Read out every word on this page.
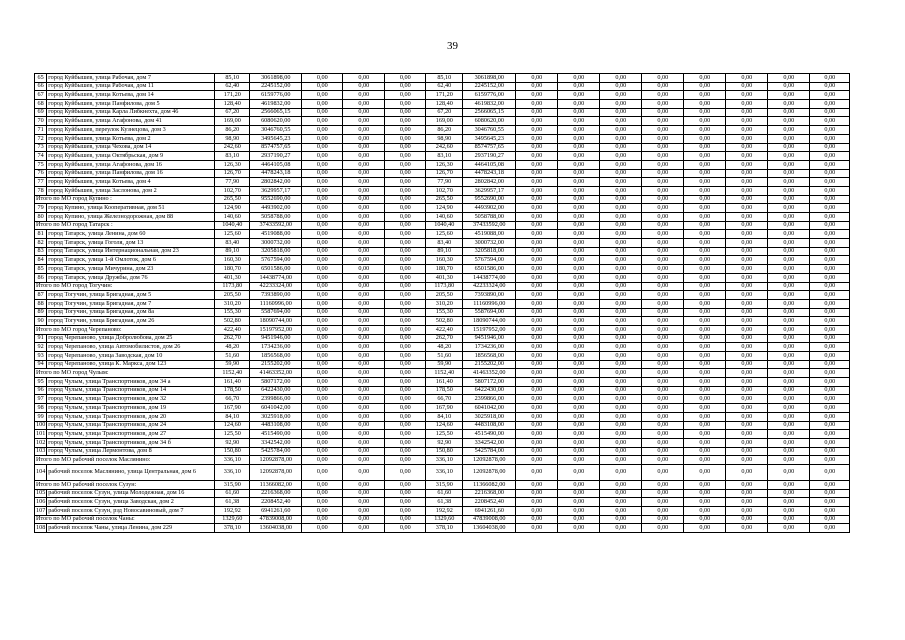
39
65	город Куйбышев, улица Рабочая, дом 7	85,10	3061898,00	0,00	0,00	0,00	85,10	3061898,00	0,00	0,00	0,00	0,00	0,00	0,00	0,00	0,00
66	город Куйбышев, улица Рабочая, дом 11	62,40	2245152,00	0,00	0,00	0,00	62,40	2245152,00	0,00	0,00	0,00	0,00	0,00	0,00	0,00	0,00
67	город Куйбышев, улица Котьева, дом 14	171,20	6159776,00	0,00	0,00	0,00	171,20	6159776,00	0,00	0,00	0,00	0,00	0,00	0,00	0,00	0,00
68	город Куйбышев, улица Панфилова, дом 5	128,40	4619832,00	0,00	0,00	0,00	128,40	4619832,00	0,00	0,00	0,00	0,00	0,00	0,00	0,00	0,00
69	город Куйбышев, улица Карла Либкнехта, дом 46	67,20	2566065,15	0,00	0,00	0,00	67,20	2566065,15	0,00	0,00	0,00	0,00	0,00	0,00	0,00	0,00
70	город Куйбышев, улица Агафонова, дом 41	169,00	6080620,00	0,00	0,00	0,00	169,00	6080620,00	0,00	0,00	0,00	0,00	0,00	0,00	0,00	0,00
71	город Куйбышев, переулок Кузнецова, дом 3	86,20	3046760,55	0,00	0,00	0,00	86,20	3046760,55	0,00	0,00	0,00	0,00	0,00	0,00	0,00	0,00
72	город Куйбышев, улица Котьева, дом 2	98,90	3495645,23	0,00	0,00	0,00	98,90	3495645,23	0,00	0,00	0,00	0,00	0,00	0,00	0,00	0,00
73	город Куйбышев, улица Чехова, дом 14	242,60	8574757,65	0,00	0,00	0,00	242,60	8574757,65	0,00	0,00	0,00	0,00	0,00	0,00	0,00	0,00
74	город Куйбышев, улица Октябрьская, дом 9	83,10	2937190,27	0,00	0,00	0,00	83,10	2937190,27	0,00	0,00	0,00	0,00	0,00	0,00	0,00	0,00
75	город Куйбышев, улица Агафонова, дом 16	126,30	4464105,08	0,00	0,00	0,00	126,30	4464105,08	0,00	0,00	0,00	0,00	0,00	0,00	0,00	0,00
76	город Куйбышев, улица Панфилова, дом 16	126,70	4478243,18	0,00	0,00	0,00	126,70	4478243,18	0,00	0,00	0,00	0,00	0,00	0,00	0,00	0,00
77	город Куйбышев, улица Котьева, дом 4	77,90	2802842,00	0,00	0,00	0,00	77,90	2802842,00	0,00	0,00	0,00	0,00	0,00	0,00	0,00	0,00
78	город Куйбышев, улица Заслонова, дом 2	102,70	3629957,17	0,00	0,00	0,00	102,70	3629957,17	0,00	0,00	0,00	0,00	0,00	0,00	0,00	0,00
Итого по МО город Купино :		265,50	9552690,00	0,00	0,00	0,00	265,50	9552690,00	0,00	0,00	0,00	0,00	0,00	0,00	0,00	0,00
79	город Купино, улица Кооперативная, дом 51	124,90	4493902,00	0,00	0,00	0,00	124,90	4493902,00	0,00	0,00	0,00	0,00	0,00	0,00	0,00	0,00
80	город Купино, улица Железнодорожная, дом 88	140,60	5058788,00	0,00	0,00	0,00	140,60	5058788,00	0,00	0,00	0,00	0,00	0,00	0,00	0,00	0,00
Итого по МО город Татарск :		1040,40	37433592,00	0,00	0,00	0,00	1040,40	37433592,00	0,00	0,00	0,00	0,00	0,00	0,00	0,00	0,00
81	город Татарск, улица Ленина, дом 60	125,60	4519088,00	0,00	0,00	0,00	125,60	4519088,00	0,00	0,00	0,00	0,00	0,00	0,00	0,00	0,00
82	город Татарск, улица Гоголя, дом 13	83,40	3000732,00	0,00	0,00	0,00	83,40	3000732,00	0,00	0,00	0,00	0,00	0,00	0,00	0,00	0,00
83	город Татарск, улица Интернациональная, дом 23	89,10	3205818,00	0,00	0,00	0,00	89,10	3205818,00	0,00	0,00	0,00	0,00	0,00	0,00	0,00	0,00
84	город Татарск, улица 1-й Омлоток, дом 6	160,30	5767594,00	0,00	0,00	0,00	160,30	5767594,00	0,00	0,00	0,00	0,00	0,00	0,00	0,00	0,00
85	город Татарск, улица Мичурина, дом 23	180,70	6501586,00	0,00	0,00	0,00	180,70	6501586,00	0,00	0,00	0,00	0,00	0,00	0,00	0,00	0,00
86	город Татарск, улица Дружбы, дом 76	401,30	14438774,00	0,00	0,00	0,00	401,30	14438774,00	0,00	0,00	0,00	0,00	0,00	0,00	0,00	0,00
Итого по МО город Тогучин:		1173,80	42233324,00	0,00	0,00	0,00	1173,80	42233324,00	0,00	0,00	0,00	0,00	0,00	0,00	0,00	0,00
87	город Тогучин, улица Бригадная, дом 5	205,50	7393890,00	0,00	0,00	0,00	205,50	7393890,00	0,00	0,00	0,00	0,00	0,00	0,00	0,00	0,00
88	город Тогучин, улица Бригадная, дом 7	310,20	11160996,00	0,00	0,00	0,00	310,20	11160996,00	0,00	0,00	0,00	0,00	0,00	0,00	0,00	0,00
89	город Тогучин, улица Бригадная, дом 8а	155,30	5587694,00	0,00	0,00	0,00	155,30	5587694,00	0,00	0,00	0,00	0,00	0,00	0,00	0,00	0,00
90	город Тогучин, улица Бригадная, дом 26	502,80	18090744,00	0,00	0,00	0,00	502,80	18090744,00	0,00	0,00	0,00	0,00	0,00	0,00	0,00	0,00
Итого по МО город Черепаново:		422,40	15197952,00	0,00	0,00	0,00	422,40	15197952,00	0,00	0,00	0,00	0,00	0,00	0,00	0,00	0,00
91	город Черепаново, улица Добролюбова, дом 25	262,70	9451946,00	0,00	0,00	0,00	262,70	9451946,00	0,00	0,00	0,00	0,00	0,00	0,00	0,00	0,00
92	город Черепаново, улица Автомобилистов, дом 26	48,20	1734236,00	0,00	0,00	0,00	48,20	1734236,00	0,00	0,00	0,00	0,00	0,00	0,00	0,00	0,00
93	город Черепаново, улица Заводская, дом 10	51,60	1856568,00	0,00	0,00	0,00	51,60	1856568,00	0,00	0,00	0,00	0,00	0,00	0,00	0,00	0,00
94	город Черепаново, улица К. Маркса, дом 123	59,90	2155202,00	0,00	0,00	0,00	59,90	2155202,00	0,00	0,00	0,00	0,00	0,00	0,00	0,00	0,00
Итого по МО город Чулым:		1152,40	41463352,00	0,00	0,00	0,00	1152,40	41463352,00	0,00	0,00	0,00	0,00	0,00	0,00	0,00	0,00
95	город Чулым, улица Транспортников, дом 34 а	161,40	5807172,00	0,00	0,00	0,00	161,40	5807172,00	0,00	0,00	0,00	0,00	0,00	0,00	0,00	0,00
96	город Чулым, улица Транспортников, дом 14	178,50	6422430,00	0,00	0,00	0,00	178,50	6422430,00	0,00	0,00	0,00	0,00	0,00	0,00	0,00	0,00
97	город Чулым, улица Транспортников, дом 32	66,70	2399866,00	0,00	0,00	0,00	66,70	2399866,00	0,00	0,00	0,00	0,00	0,00	0,00	0,00	0,00
98	город Чулым, улица Транспортников, дом 19	167,90	6041042,00	0,00	0,00	0,00	167,90	6041042,00	0,00	0,00	0,00	0,00	0,00	0,00	0,00	0,00
99	город Чулым, улица Транспортников, дом 20	84,10	3025918,00	0,00	0,00	0,00	84,10	3025918,00	0,00	0,00	0,00	0,00	0,00	0,00	0,00	0,00
100	город Чулым, улица Транспортников, дом 24	124,60	4483108,00	0,00	0,00	0,00	124,60	4483108,00	0,00	0,00	0,00	0,00	0,00	0,00	0,00	0,00
101	город Чулым, улица Транспортников, дом 27	125,50	4515490,00	0,00	0,00	0,00	125,50	4515490,00	0,00	0,00	0,00	0,00	0,00	0,00	0,00	0,00
102	город Чулым, улица Транспортников, дом 34 б	92,90	3342542,00	0,00	0,00	0,00	92,90	3342542,00	0,00	0,00	0,00	0,00	0,00	0,00	0,00	0,00
103	город Чулым, улица Лермонтова, дом 8	150,80	5425784,00	0,00	0,00	0,00	150,80	5425784,00	0,00	0,00	0,00	0,00	0,00	0,00	0,00	0,00
Итого по МО рабочий поселок Маслянино:		336,10	12092878,00	0,00	0,00	0,00	336,10	12092878,00	0,00	0,00	0,00	0,00	0,00	0,00	0,00	0,00
104	рабочий поселок Маслянино, улица Центральная, дом 6	336,10	12092878,00	0,00	0,00	0,00	336,10	12092878,00	0,00	0,00	0,00	0,00	0,00	0,00	0,00	0,00
Итого по МО рабочий поселок Сузун:		315,90	11366082,00	0,00	0,00	0,00	315,90	11366082,00	0,00	0,00	0,00	0,00	0,00	0,00	0,00	0,00
105	рабочий поселок Сузун, улица Молодежная, дом 16	61,60	2216368,00	0,00	0,00	0,00	61,60	2216368,00	0,00	0,00	0,00	0,00	0,00	0,00	0,00	0,00
106	рабочий поселок Сузун, улица Заводская, дом 2	61,38	2208452,40	0,00	0,00	0,00	61,38	2208452,40	0,00	0,00	0,00	0,00	0,00	0,00	0,00	0,00
107	рабочий поселок Сузун, рзд Новосавиновый, дом 7	192,92	6941261,60	0,00	0,00	0,00	192,92	6941261,60	0,00	0,00	0,00	0,00	0,00	0,00	0,00	0,00
Итого по МО рабочий поселок Чаны:		1329,60	47839008,00	0,00	0,00	0,00	1329,60	47839008,00	0,00	0,00	0,00	0,00	0,00	0,00	0,00	0,00
108	рабочий поселок Чаны, улица Ленина, дом 229	378,10	13604038,00	0,00	0,00	0,00	378,10	13604038,00	0,00	0,00	0,00	0,00	0,00	0,00	0,00	0,00
